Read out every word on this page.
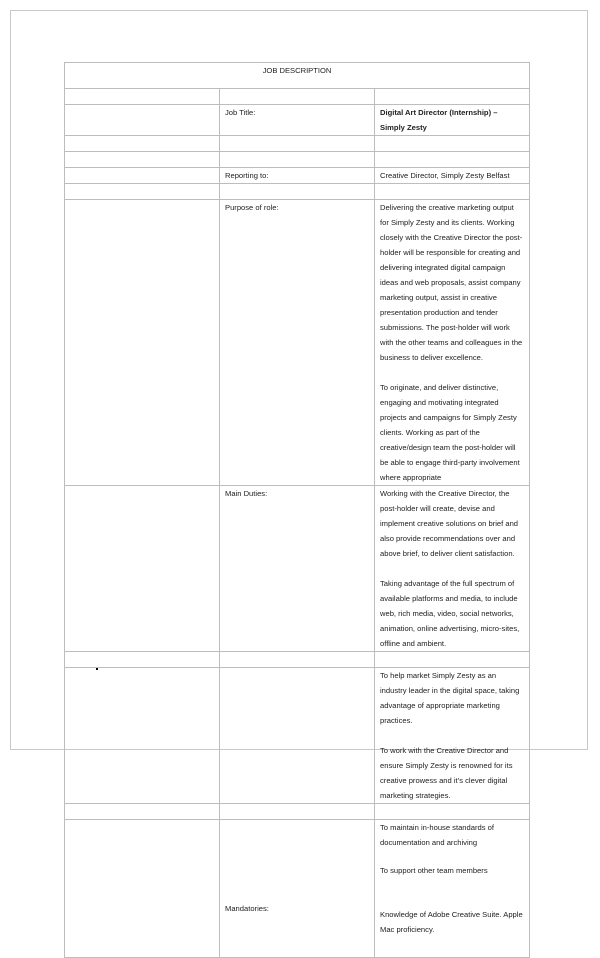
JOB DESCRIPTION		

	Job Title:	Digital Art Director (Internship) – Simply Zesty

	Reporting to:	Creative Director, Simply Zesty Belfast

	Purpose of role:	Delivering the creative marketing output for Simply Zesty and its clients. Working closely with the Creative Director the post-holder will be responsible for creating and delivering integrated digital campaign ideas and web proposals, assist company marketing output, assist in creative presentation production and tender submissions. The post-holder will work with the other teams and colleagues in the business to deliver excellence.

To originate, and deliver distinctive, engaging and motivating integrated projects and campaigns for Simply Zesty clients. Working as part of the creative/design team the post-holder will be able to engage third-party involvement where appropriate

	Main Duties:	Working with the Creative Director, the post-holder will create, devise and implement creative solutions on brief and also provide recommendations over and above brief, to deliver client satisfaction.

Taking advantage of the full spectrum of available platforms and media, to include web, rich media, video, social networks, animation, online advertising, micro-sites, offline and ambient.

		To help market Simply Zesty as an industry leader in the digital space, taking advantage of appropriate marketing practices.

To work with the Creative Director and ensure Simply Zesty is renowned for its creative prowess and it’s clever digital marketing strategies.

	Mandatories:	To maintain in-house standards of documentation and archiving

To support other team members

Knowledge of Adobe Creative Suite. Apple Mac proficiency.
